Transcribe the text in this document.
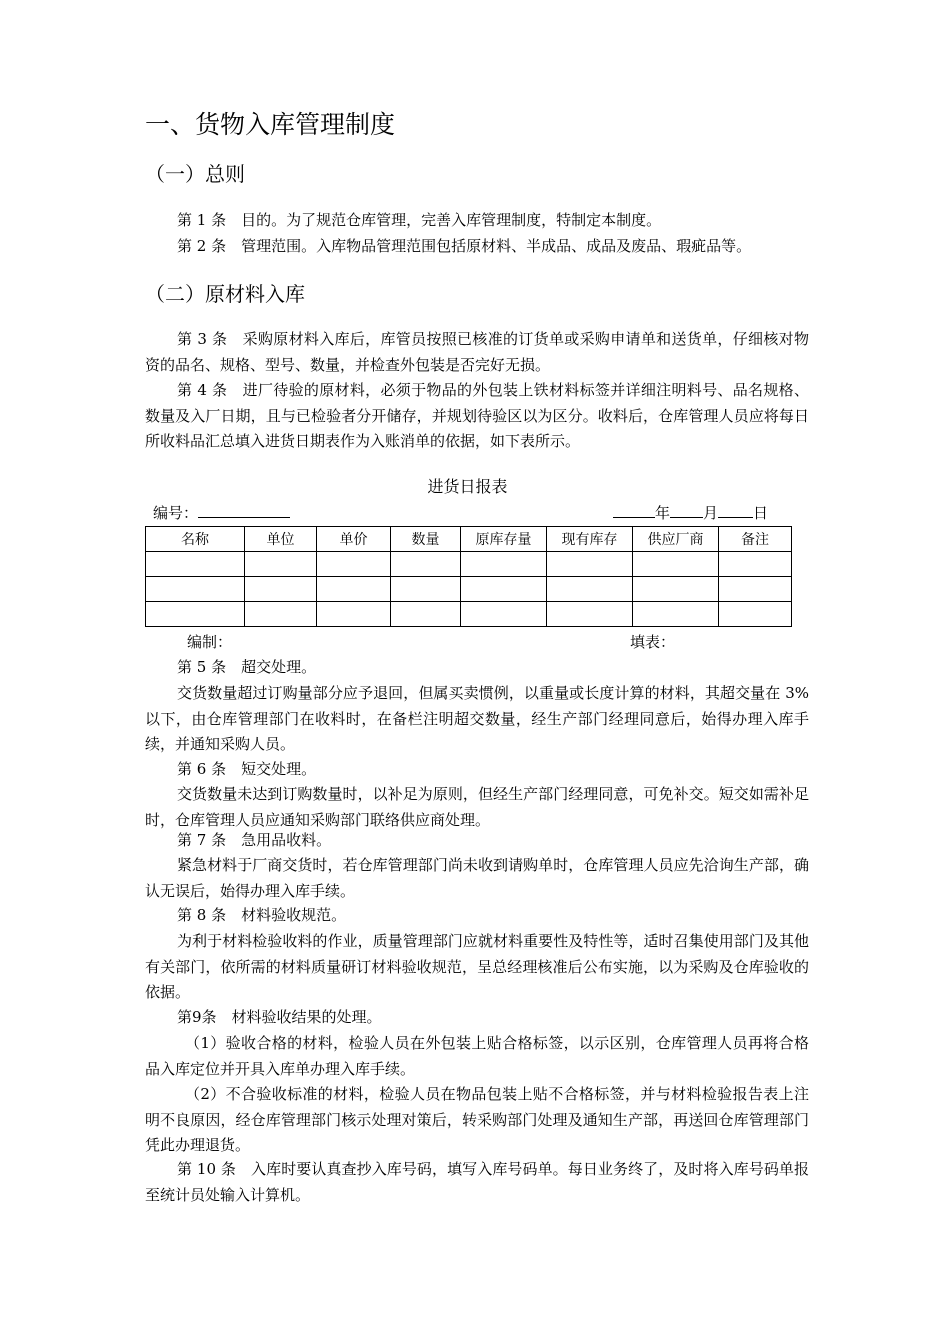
一、货物入库管理制度
（一）总则
第 1 条　目的。为了规范仓库管理，完善入库管理制度，特制定本制度。
第 2 条　管理范围。入库物品管理范围包括原材料、半成品、成品及废品、瑕疵品等。
（二）原材料入库
第 3 条　采购原材料入库后，库管员按照已核准的订货单或采购申请单和送货单，仔细核对物资的品名、规格、型号、数量，并检查外包装是否完好无损。
第 4 条　进厂待验的原材料，必须于物品的外包装上铁材料标签并详细注明料号、品名规格、数量及入厂日期，且与已检验者分开储存，并规划待验区以为区分。收料后，仓库管理人员应将每日所收料品汇总填入进货日期表作为入账消单的依据，如下表所示。
进货日报表
编号：	年 月 日
名称	单位	单价	数量	原库存量	现有库存	供应厂商	备注

编制：	填表：
第 5 条　超交处理。
交货数量超过订购量部分应予退回，但属买卖惯例，以重量或长度计算的材料，其超交量在 3%以下，由仓库管理部门在收料时，在备栏注明超交数量，经生产部门经理同意后，始得办理入库手续，并通知采购人员。
第 6 条　短交处理。
交货数量未达到订购数量时，以补足为原则，但经生产部门经理同意，可免补交。短交如需补足时，仓库管理人员应通知采购部门联络供应商处理。
第 7 条　急用品收料。
紧急材料于厂商交货时，若仓库管理部门尚未收到请购单时，仓库管理人员应先洽询生产部，确认无误后，始得办理入库手续。
第 8 条　材料验收规范。
为利于材料检验收料的作业，质量管理部门应就材料重要性及特性等，适时召集使用部门及其他有关部门，依所需的材料质量研订材料验收规范，呈总经理核准后公布实施，以为采购及仓库验收的依据。
第9条　材料验收结果的处理。
（1）验收合格的材料，检验人员在外包装上贴合格标签，以示区别，仓库管理人员再将合格品入库定位并开具入库单办理入库手续。
（2）不合验收标准的材料，检验人员在物品包装上贴不合格标签，并与材料检验报告表上注明不良原因，经仓库管理部门核示处理对策后，转采购部门处理及通知生产部，再送回仓库管理部门凭此办理退货。
第 10 条　入库时要认真查抄入库号码，填写入库号码单。每日业务终了，及时将入库号码单报至统计员处输入计算机。
